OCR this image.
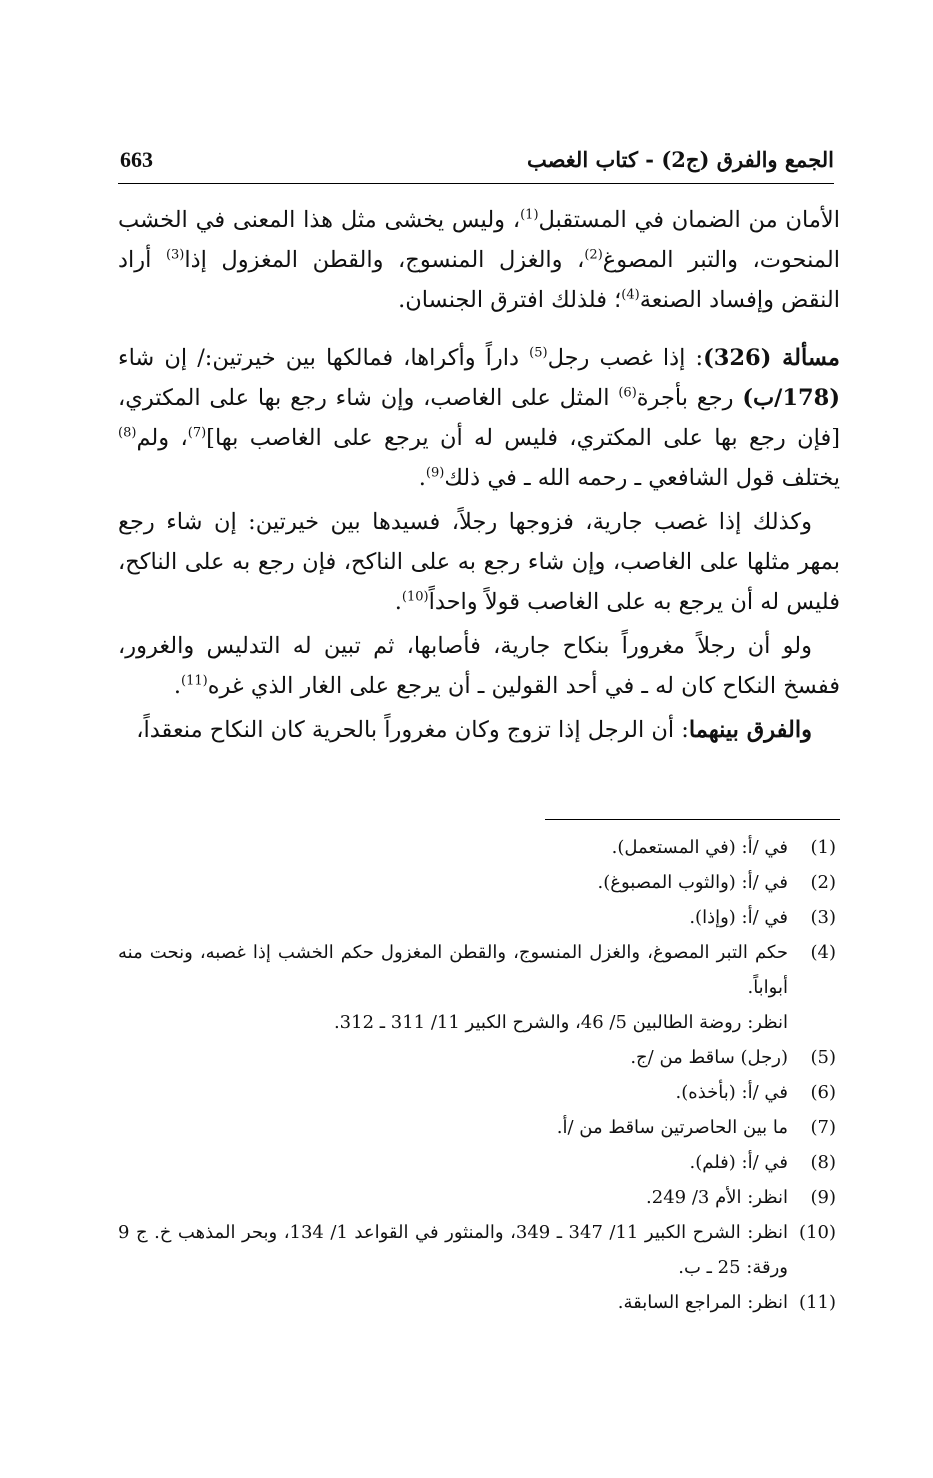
الجمع والفرق (ج2) - كتاب الغصب
663

الأمان من الضمان في المستقبل$^{(1)}$، وليس يخشى مثل هذا المعنى في الخشب المنحوت، والتبر المصوغ$^{(2)}$، والغزل المنسوج، والقطن المغزول إذا$^{(3)}$ أراد النقض وإفساد الصنعة$^{(4)}$؛ فلذلك افترق الجنسان.

مسألة (326): إذا غصب رجل$^{(5)}$ داراً وأكراها، فمالكها بين خيرتين:/ إن شاء (178/ب) رجع بأجرة$^{(6)}$ المثل على الغاصب، وإن شاء رجع بها على المكتري، [فإن رجع بها على المكتري، فليس له أن يرجع على الغاصب بها]$^{(7)}$، ولم$^{(8)}$ يختلف قول الشافعي ـ رحمه الله ـ في ذلك$^{(9)}$.

وكذلك إذا غصب جارية، فزوجها رجلاً، فسيدها بين خيرتين: إن شاء رجع بمهر مثلها على الغاصب، وإن شاء رجع به على الناكح، فإن رجع به على الناكح، فليس له أن يرجع به على الغاصب قولاً واحداً$^{(10)}$.

ولو أن رجلاً مغروراً بنكاح جارية، فأصابها، ثم تبين له التدليس والغرور، ففسخ النكاح كان له ـ في أحد القولين ـ أن يرجع على الغار الذي غره$^{(11)}$.

والفرق بينهما: أن الرجل إذا تزوج وكان مغروراً بالحرية كان النكاح منعقداً،

(1)
في /أ: (في المستعمل).
(2)
في /أ: (والثوب المصبوغ).
(3)
في /أ: (وإذا).
(4)
حكم التبر المصوغ، والغزل المنسوج، والقطن المغزول حكم الخشب إذا غصبه، ونحت منه أبواباً.
انظر: روضة الطالبين 5/ 46، والشرح الكبير 11/ 311 ـ 312.
(5)
(رجل) ساقط من /ج.
(6)
في /أ: (بأخذه).
(7)
ما بين الحاصرتين ساقط من /أ.
(8)
في /أ: (فلم).
(9)
انظر: الأم 3/ 249.
(10)
انظر: الشرح الكبير 11/ 347 ـ 349، والمنثور في القواعد 1/ 134، وبحر المذهب خ. ج 9 ورقة: 25 ـ ب.
(11)
انظر: المراجع السابقة.
